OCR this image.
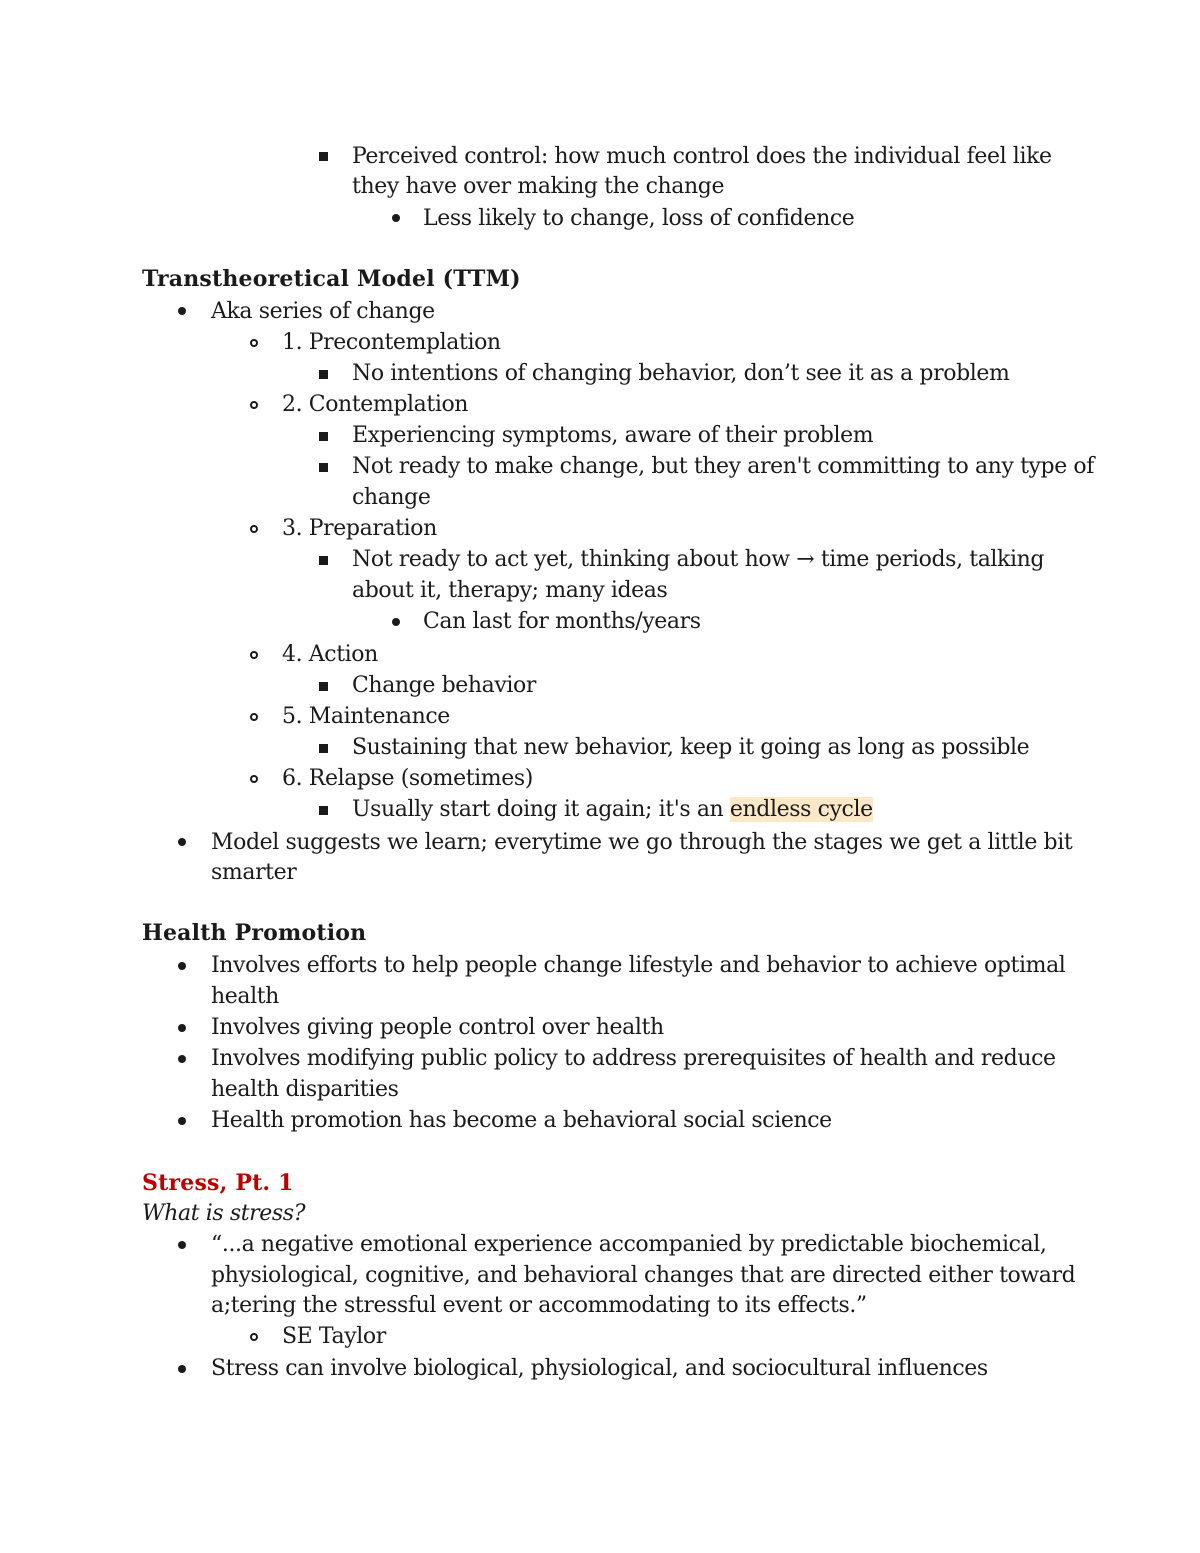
Perceived control: how much control does the individual feel like
they have over making the change
Less likely to change, loss of confidence
Transtheoretical Model (TTM)
Aka series of change
1. Precontemplation
No intentions of changing behavior, don’t see it as a problem
2. Contemplation
Experiencing symptoms, aware of their problem
Not ready to make change, but they aren't committing to any type of
change
3. Preparation
Not ready to act yet, thinking about how → time periods, talking
about it, therapy; many ideas
Can last for months/years
4. Action
Change behavior
5. Maintenance
Sustaining that new behavior, keep it going as long as possible
6. Relapse (sometimes)
Usually start doing it again; it's an endless cycle
Model suggests we learn; everytime we go through the stages we get a little bit
smarter
Health Promotion
Involves efforts to help people change lifestyle and behavior to achieve optimal
health
Involves giving people control over health
Involves modifying public policy to address prerequisites of health and reduce
health disparities
Health promotion has become a behavioral social science
Stress, Pt. 1
What is stress?
“...a negative emotional experience accompanied by predictable biochemical,
physiological, cognitive, and behavioral changes that are directed either toward
a;tering the stressful event or accommodating to its effects.”
SE Taylor
Stress can involve biological, physiological, and sociocultural influences
